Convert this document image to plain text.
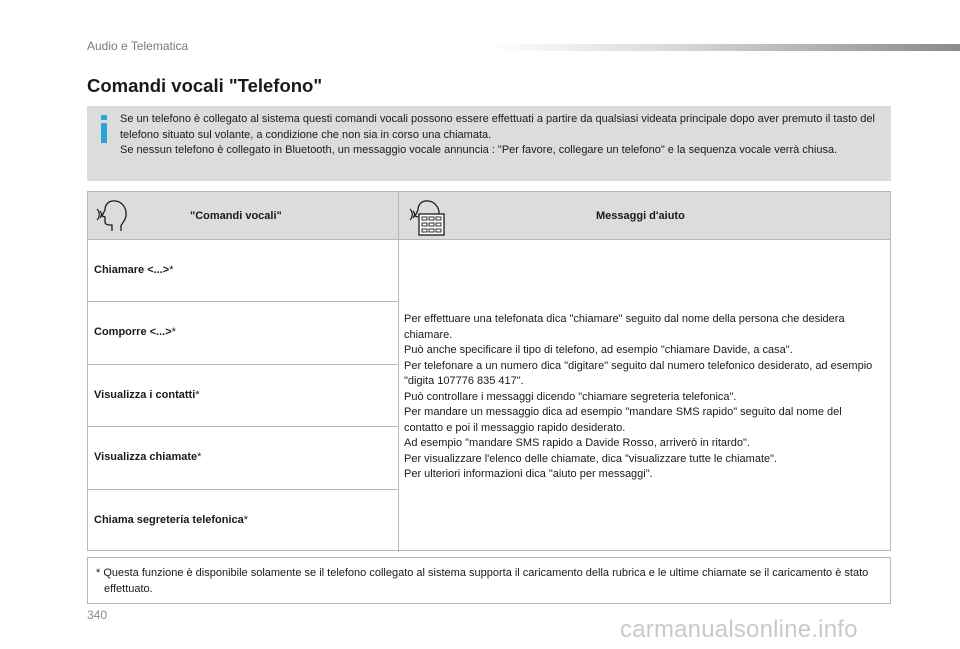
Audio e Telematica
Comandi vocali "Telefono"

Se un telefono è collegato al sistema questi comandi vocali possono essere effettuati a partire da qualsiasi videata principale dopo aver premuto il tasto del telefono situato sul volante, a condizione che non sia in corso una chiamata.

Se nessun telefono è collegato in Bluetooth, un messaggio vocale annuncia : "Per favore, collegare un telefono" e la sequenza vocale verrà chiusa.

"Comandi vocali"	Messaggi d'aiuto
Chiamare <...>*
Comporre <...>*
Visualizza i contatti*
Visualizza chiamate*
Chiama segreteria telefonica*

Per effettuare una telefonata dica "chiamare" seguito dal nome della persona che desidera chiamare.

Può anche specificare il tipo di telefono, ad esempio "chiamare Davide, a casa".

Per telefonare a un numero dica "digitare" seguito dal numero telefonico desiderato, ad esempio "digita 107776 835 417".

Può controllare i messaggi dicendo "chiamare segreteria telefonica".

Per mandare un messaggio dica ad esempio "mandare SMS rapido" seguito dal nome del contatto e poi il messaggio rapido desiderato.

Ad esempio "mandare SMS rapido a Davide Rosso, arriverò in ritardo".

Per visualizzare l'elenco delle chiamate, dica "visualizzare tutte le chiamate".

Per ulteriori informazioni dica "aiuto per messaggi".

* Questa funzione è disponibile solamente se il telefono collegato al sistema supporta il caricamento della rubrica e le ultime chiamate se il caricamento è stato effettuato.
340
carmanualsonline.info
